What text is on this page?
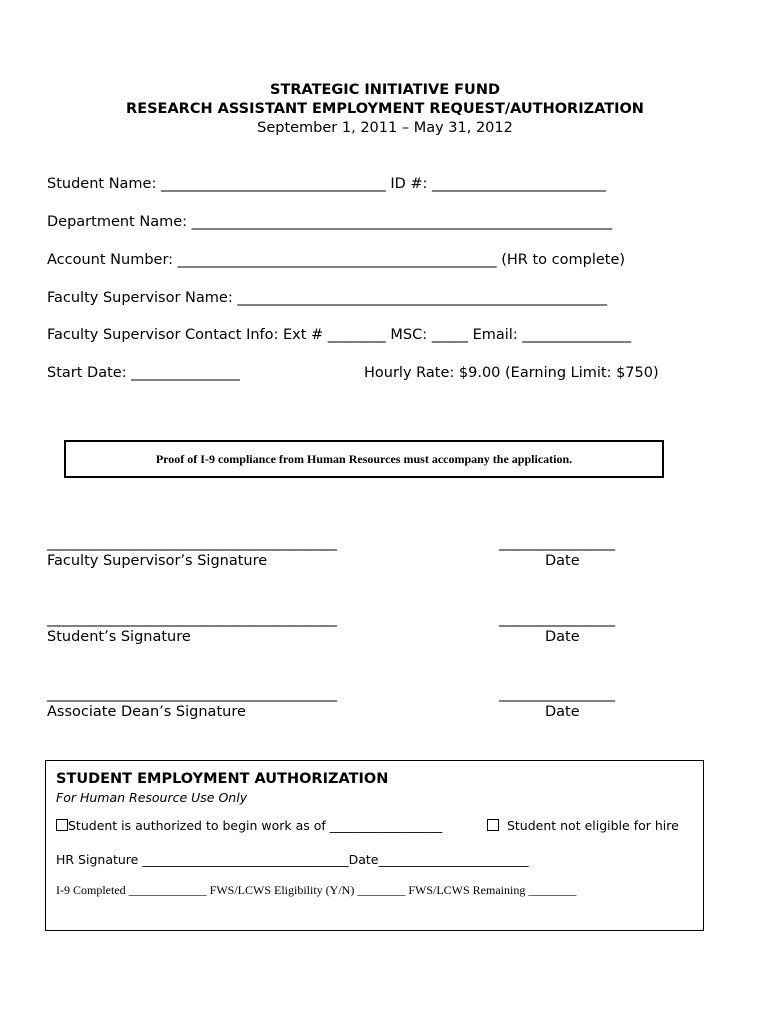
STRATEGIC INITIATIVE FUND
RESEARCH ASSISTANT EMPLOYMENT REQUEST/AUTHORIZATION
September 1, 2011 – May 31, 2012
Student Name: _______________________________ ID #: ________________________
Department Name: __________________________________________________________
Account Number: ____________________________________________ (HR to complete)
Faculty Supervisor Name: ___________________________________________________
Faculty Supervisor Contact Info: Ext # ________ MSC: _____ Email: _______________
Start Date: _______________	Hourly Rate: $9.00 (Earning Limit: $750)
Proof of I-9 compliance from Human Resources must accompany the application.
________________________________________	________________
Faculty Supervisor’s Signature	Date
________________________________________	________________
Student’s Signature	Date
________________________________________	________________
Associate Dean’s Signature	Date
STUDENT EMPLOYMENT AUTHORIZATION
For Human Resource Use Only
Student is authorized to begin work as of __________________	Student not eligible for hire
HR Signature _________________________________Date________________________
I-9 Completed _____________ FWS/LCWS Eligibility (Y/N) ________ FWS/LCWS Remaining ________
